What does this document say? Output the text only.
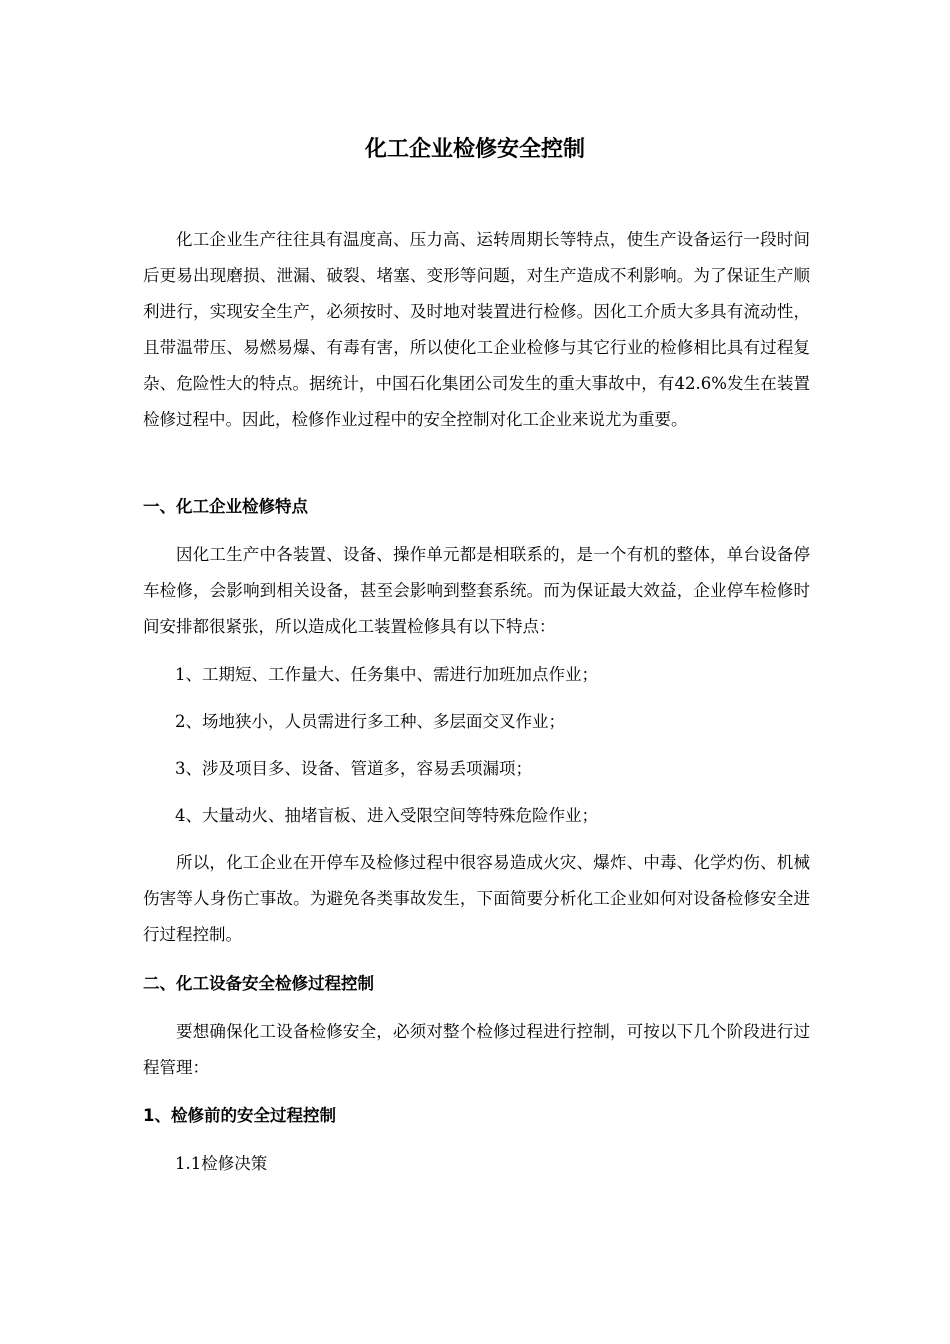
化工企业检修安全控制

化工企业生产往往具有温度高、压力高、运转周期长等特点，使生产设备运行一段时间后更易出现磨损、泄漏、破裂、堵塞、变形等问题，对生产造成不利影响。为了保证生产顺利进行，实现安全生产，必须按时、及时地对装置进行检修。因化工介质大多具有流动性，且带温带压、易燃易爆、有毒有害，所以使化工企业检修与其它行业的检修相比具有过程复杂、危险性大的特点。据统计，中国石化集团公司发生的重大事故中，有42.6%发生在装置检修过程中。因此，检修作业过程中的安全控制对化工企业来说尤为重要。

一、化工企业检修特点

因化工生产中各装置、设备、操作单元都是相联系的，是一个有机的整体，单台设备停车检修，会影响到相关设备，甚至会影响到整套系统。而为保证最大效益，企业停车检修时间安排都很紧张，所以造成化工装置检修具有以下特点：

1、工期短、工作量大、任务集中、需进行加班加点作业；

2、场地狭小，人员需进行多工种、多层面交叉作业；

3、涉及项目多、设备、管道多，容易丢项漏项；

4、大量动火、抽堵盲板、进入受限空间等特殊危险作业；

所以，化工企业在开停车及检修过程中很容易造成火灾、爆炸、中毒、化学灼伤、机械伤害等人身伤亡事故。为避免各类事故发生，下面简要分析化工企业如何对设备检修安全进行过程控制。

二、化工设备安全检修过程控制

要想确保化工设备检修安全，必须对整个检修过程进行控制，可按以下几个阶段进行过程管理：

1、检修前的安全过程控制

1.1检修决策
